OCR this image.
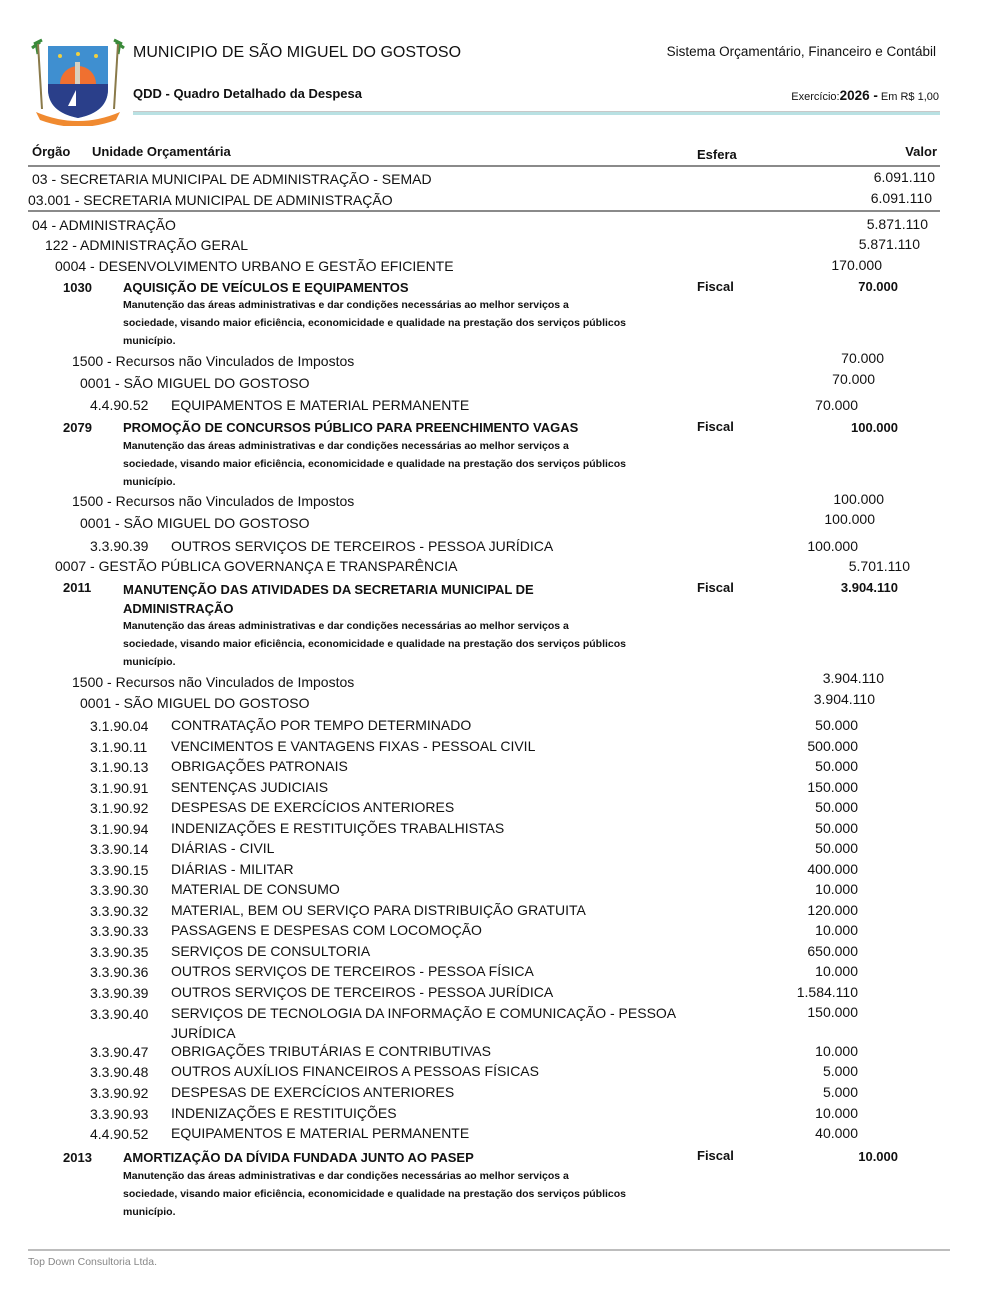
MUNICIPIO DE SÃO MIGUEL DO GOSTOSO
QDD - Quadro Detalhado da Despesa
Sistema Orçamentário, Financeiro e Contábil
Exercício:2026 - Em R$ 1,00
Órgão Unidade Orçamentária	Esfera	Valor
03 - SECRETARIA MUNICIPAL DE ADMINISTRAÇÃO - SEMAD	6.091.110
03.001 - SECRETARIA MUNICIPAL DE ADMINISTRAÇÃO	6.091.110
04 - ADMINISTRAÇÃO	5.871.110
122 - ADMINISTRAÇÃO GERAL	5.871.110
0004 - DESENVOLVIMENTO URBANO E GESTÃO EFICIENTE	170.000
1030 AQUISIÇÃO DE VEÍCULOS E EQUIPAMENTOS	Fiscal	70.000
Manutenção das áreas administrativas e dar condições necessárias ao melhor serviços a
sociedade, visando maior eficiência, economicidade e qualidade na prestação dos serviços públicos
município.
1500 - Recursos não Vinculados de Impostos	70.000
0001 - SÃO MIGUEL DO GOSTOSO	70.000
4.4.90.52 EQUIPAMENTOS E MATERIAL PERMANENTE	70.000
2079 PROMOÇÃO DE CONCURSOS PÚBLICO PARA PREENCHIMENTO VAGAS	Fiscal	100.000
Manutenção das áreas administrativas e dar condições necessárias ao melhor serviços a
sociedade, visando maior eficiência, economicidade e qualidade na prestação dos serviços públicos
município.
1500 - Recursos não Vinculados de Impostos	100.000
0001 - SÃO MIGUEL DO GOSTOSO	100.000
3.3.90.39 OUTROS SERVIÇOS DE TERCEIROS - PESSOA JURÍDICA	100.000
0007 - GESTÃO PÚBLICA GOVERNANÇA E TRANSPARÊNCIA	5.701.110
2011 MANUTENÇÃO DAS ATIVIDADES DA SECRETARIA MUNICIPAL DE
ADMINISTRAÇÃO
Fiscal	3.904.110
Manutenção das áreas administrativas e dar condições necessárias ao melhor serviços a
sociedade, visando maior eficiência, economicidade e qualidade na prestação dos serviços públicos
município.
1500 - Recursos não Vinculados de Impostos	3.904.110
0001 - SÃO MIGUEL DO GOSTOSO	3.904.110
3.1.90.04 CONTRATAÇÃO POR TEMPO DETERMINADO	50.000
3.1.90.11 VENCIMENTOS E VANTAGENS FIXAS - PESSOAL CIVIL	500.000
3.1.90.13 OBRIGAÇÕES PATRONAIS	50.000
3.1.90.91 SENTENÇAS JUDICIAIS	150.000
3.1.90.92 DESPESAS DE EXERCÍCIOS ANTERIORES	50.000
3.1.90.94 INDENIZAÇÕES E RESTITUIÇÕES TRABALHISTAS	50.000
3.3.90.14 DIÁRIAS - CIVIL	50.000
3.3.90.15 DIÁRIAS - MILITAR	400.000
3.3.90.30 MATERIAL DE CONSUMO	10.000
3.3.90.32 MATERIAL, BEM OU SERVIÇO PARA DISTRIBUIÇÃO GRATUITA	120.000
3.3.90.33 PASSAGENS E DESPESAS COM LOCOMOÇÃO	10.000
3.3.90.35 SERVIÇOS DE CONSULTORIA	650.000
3.3.90.36 OUTROS SERVIÇOS DE TERCEIROS - PESSOA FÍSICA	10.000
3.3.90.39 OUTROS SERVIÇOS DE TERCEIROS - PESSOA JURÍDICA	1.584.110
3.3.90.40 SERVIÇOS DE TECNOLOGIA DA INFORMAÇÃO E COMUNICAÇÃO - PESSOA
JURÍDICA
150.000
3.3.90.47 OBRIGAÇÕES TRIBUTÁRIAS E CONTRIBUTIVAS	10.000
3.3.90.48 OUTROS AUXÍLIOS FINANCEIROS A PESSOAS FÍSICAS	5.000
3.3.90.92 DESPESAS DE EXERCÍCIOS ANTERIORES	5.000
3.3.90.93 INDENIZAÇÕES E RESTITUIÇÕES	10.000
4.4.90.52 EQUIPAMENTOS E MATERIAL PERMANENTE	40.000
2013 AMORTIZAÇÃO DA DÍVIDA FUNDADA JUNTO AO PASEP	Fiscal	10.000
Manutenção das áreas administrativas e dar condições necessárias ao melhor serviços a
sociedade, visando maior eficiência, economicidade e qualidade na prestação dos serviços públicos
município.
Top Down Consultoria Ltda.
